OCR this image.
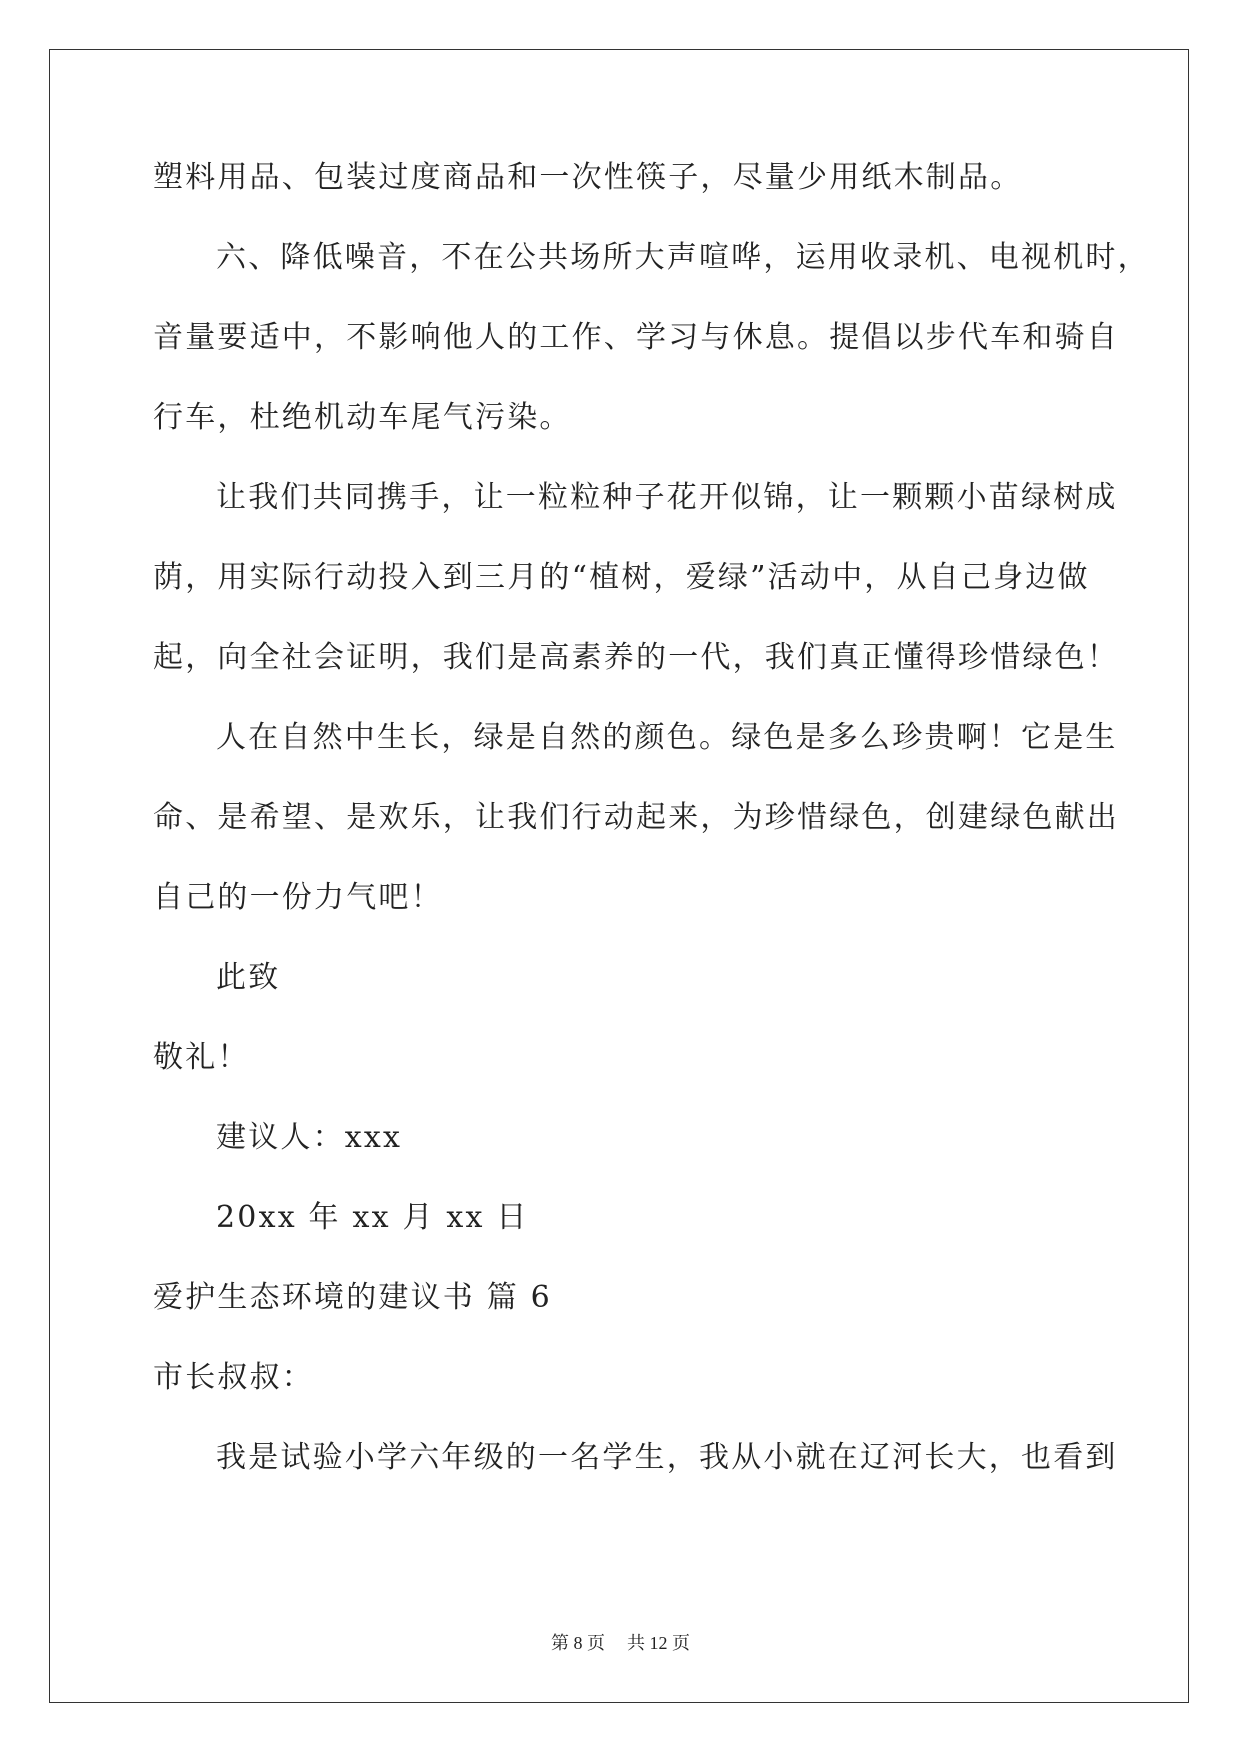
塑料用品、包装过度商品和一次性筷子，尽量少用纸木制品。
六、降低噪音，不在公共场所大声喧哗，运用收录机、电视机时，
音量要适中，不影响他人的工作、学习与休息。提倡以步代车和骑自
行车，杜绝机动车尾气污染。
让我们共同携手，让一粒粒种子花开似锦，让一颗颗小苗绿树成
荫，用实际行动投入到三月的“植树，爱绿”活动中，从自己身边做
起，向全社会证明，我们是高素养的一代，我们真正懂得珍惜绿色！
人在自然中生长，绿是自然的颜色。绿色是多么珍贵啊！它是生
命、是希望、是欢乐，让我们行动起来，为珍惜绿色，创建绿色献出
自己的一份力气吧！
此致
敬礼！
建议人：xxx
20xx 年 xx 月 xx 日
爱护生态环境的建议书 篇 6
市长叔叔：
我是试验小学六年级的一名学生，我从小就在辽河长大，也看到
第 8 页 共 12 页
